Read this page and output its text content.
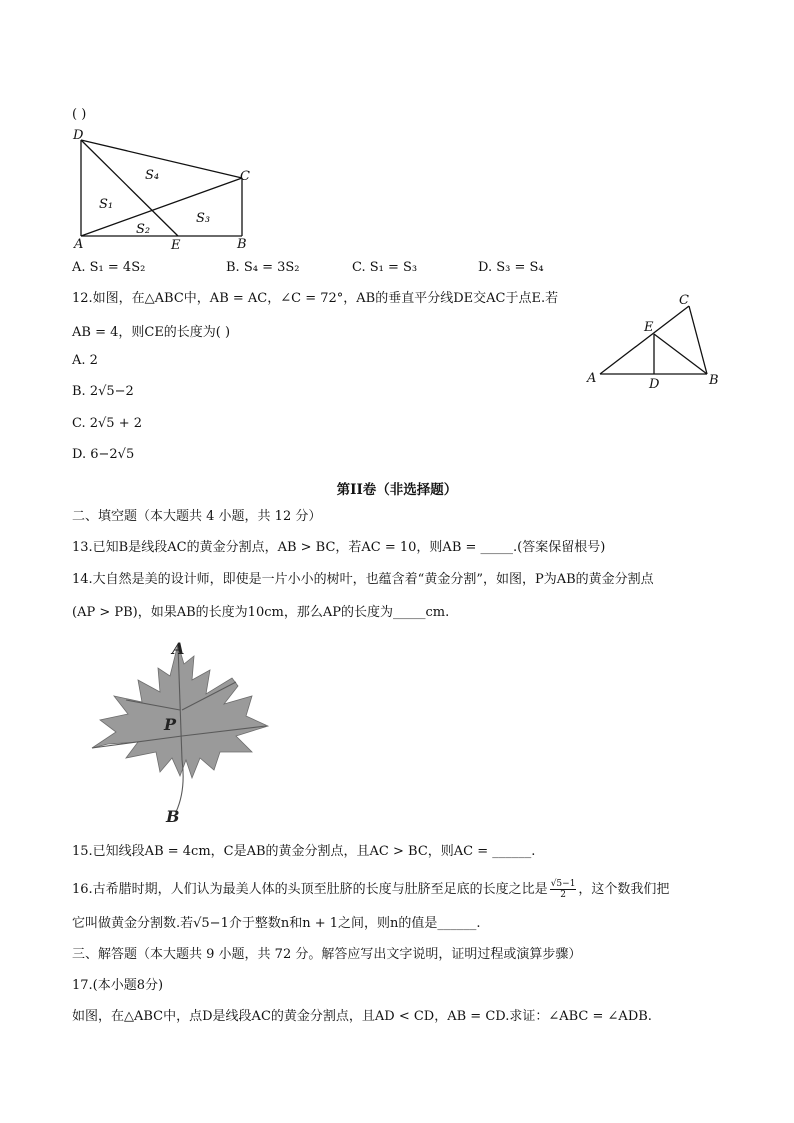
( )
D
C
A	E	B
S₄
S₁
S₂
S₃
A. S₁ = 4S₂	B. S₄ = 3S₂	C. S₁ = S₃	D. S₃ = S₄
12.如图，在△ABC中，AB = AC，∠C = 72°，AB的垂直平分线DE交AC于点E.若
AB = 4，则CE的长度为( )
A. 2
B. 2√5−2
C. 2√5 + 2
D. 6−2√5
C
E
A	D	B
第II卷（非选择题）
二、填空题（本大题共 4 小题，共 12 分）
13.已知B是线段AC的黄金分割点，AB > BC，若AC = 10，则AB = _____.(答案保留根号)
14.大自然是美的设计师，即使是一片小小的树叶，也蕴含着“黄金分割”，如图，P为AB的黄金分割点
(AP > PB)，如果AB的长度为10cm，那么AP的长度为_____cm.
A
P
B
15.已知线段AB = 4cm，C是AB的黄金分割点，且AC > BC，则AC = ______.
16.古希腊时期，人们认为最美人体的头顶至肚脐的长度与肚脐至足底的长度之比是 $\frac{√5-1}{2}$ ，这个数我们把
它叫做黄金分割数.若√5−1介于整数n和n + 1之间，则n的值是______.
三、解答题（本大题共 9 小题，共 72 分。解答应写出文字说明，证明过程或演算步骤）
17.(本小题8分)
如图，在△ABC中，点D是线段AC的黄金分割点，且AD < CD，AB = CD.求证：∠ABC = ∠ADB.
